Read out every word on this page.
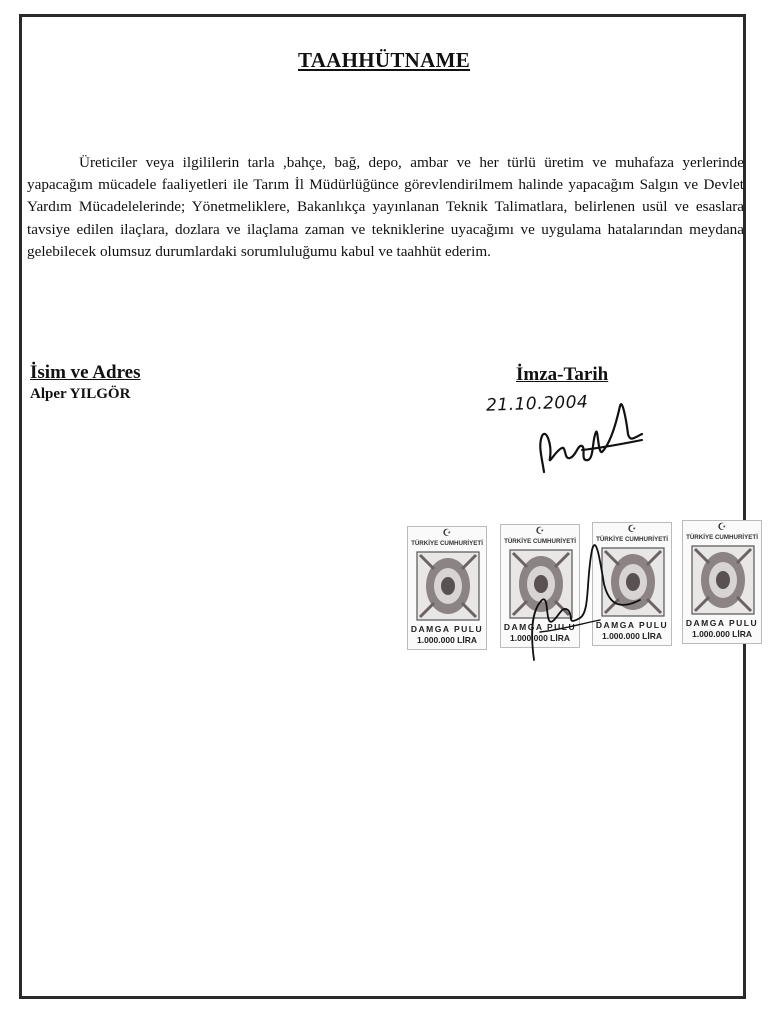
TAAHHÜTNAME
Üreticiler veya ilgililerin tarla ,bahçe, bağ, depo, ambar ve her türlü üretim ve muhafaza yerlerinde yapacağım mücadele faaliyetleri ile Tarım İl Müdürlüğünce görevlendirilmem halinde yapacağım Salgın ve Devlet Yardım Mücadelelerinde; Yönetmeliklere, Bakanlıkça yayınlanan Teknik Talimatlara, belirlenen usül ve esaslara tavsiye edilen ilaçlara, dozlara ve ilaçlama zaman ve tekniklerine uyacağımı ve uygulama hatalarından meydana gelebilecek olumsuz durumlardaki sorumluluğumu kabul ve taahhüt ederim.
İsim ve Adres
Alper YILGÖR
İmza-Tarih
21.10.2004
☪
TÜRKİYE CUMHURİYETİ
DAMGA PULU
1.000.000 LİRA
☪
TÜRKİYE CUMHURİYETİ
DAMGA PULU
1.000.000 LİRA
☪
TÜRKİYE CUMHURİYETİ
DAMGA PULU
1.000.000 LİRA
☪
TÜRKİYE CUMHURİYETİ
DAMGA PULU
1.000.000 LİRA
